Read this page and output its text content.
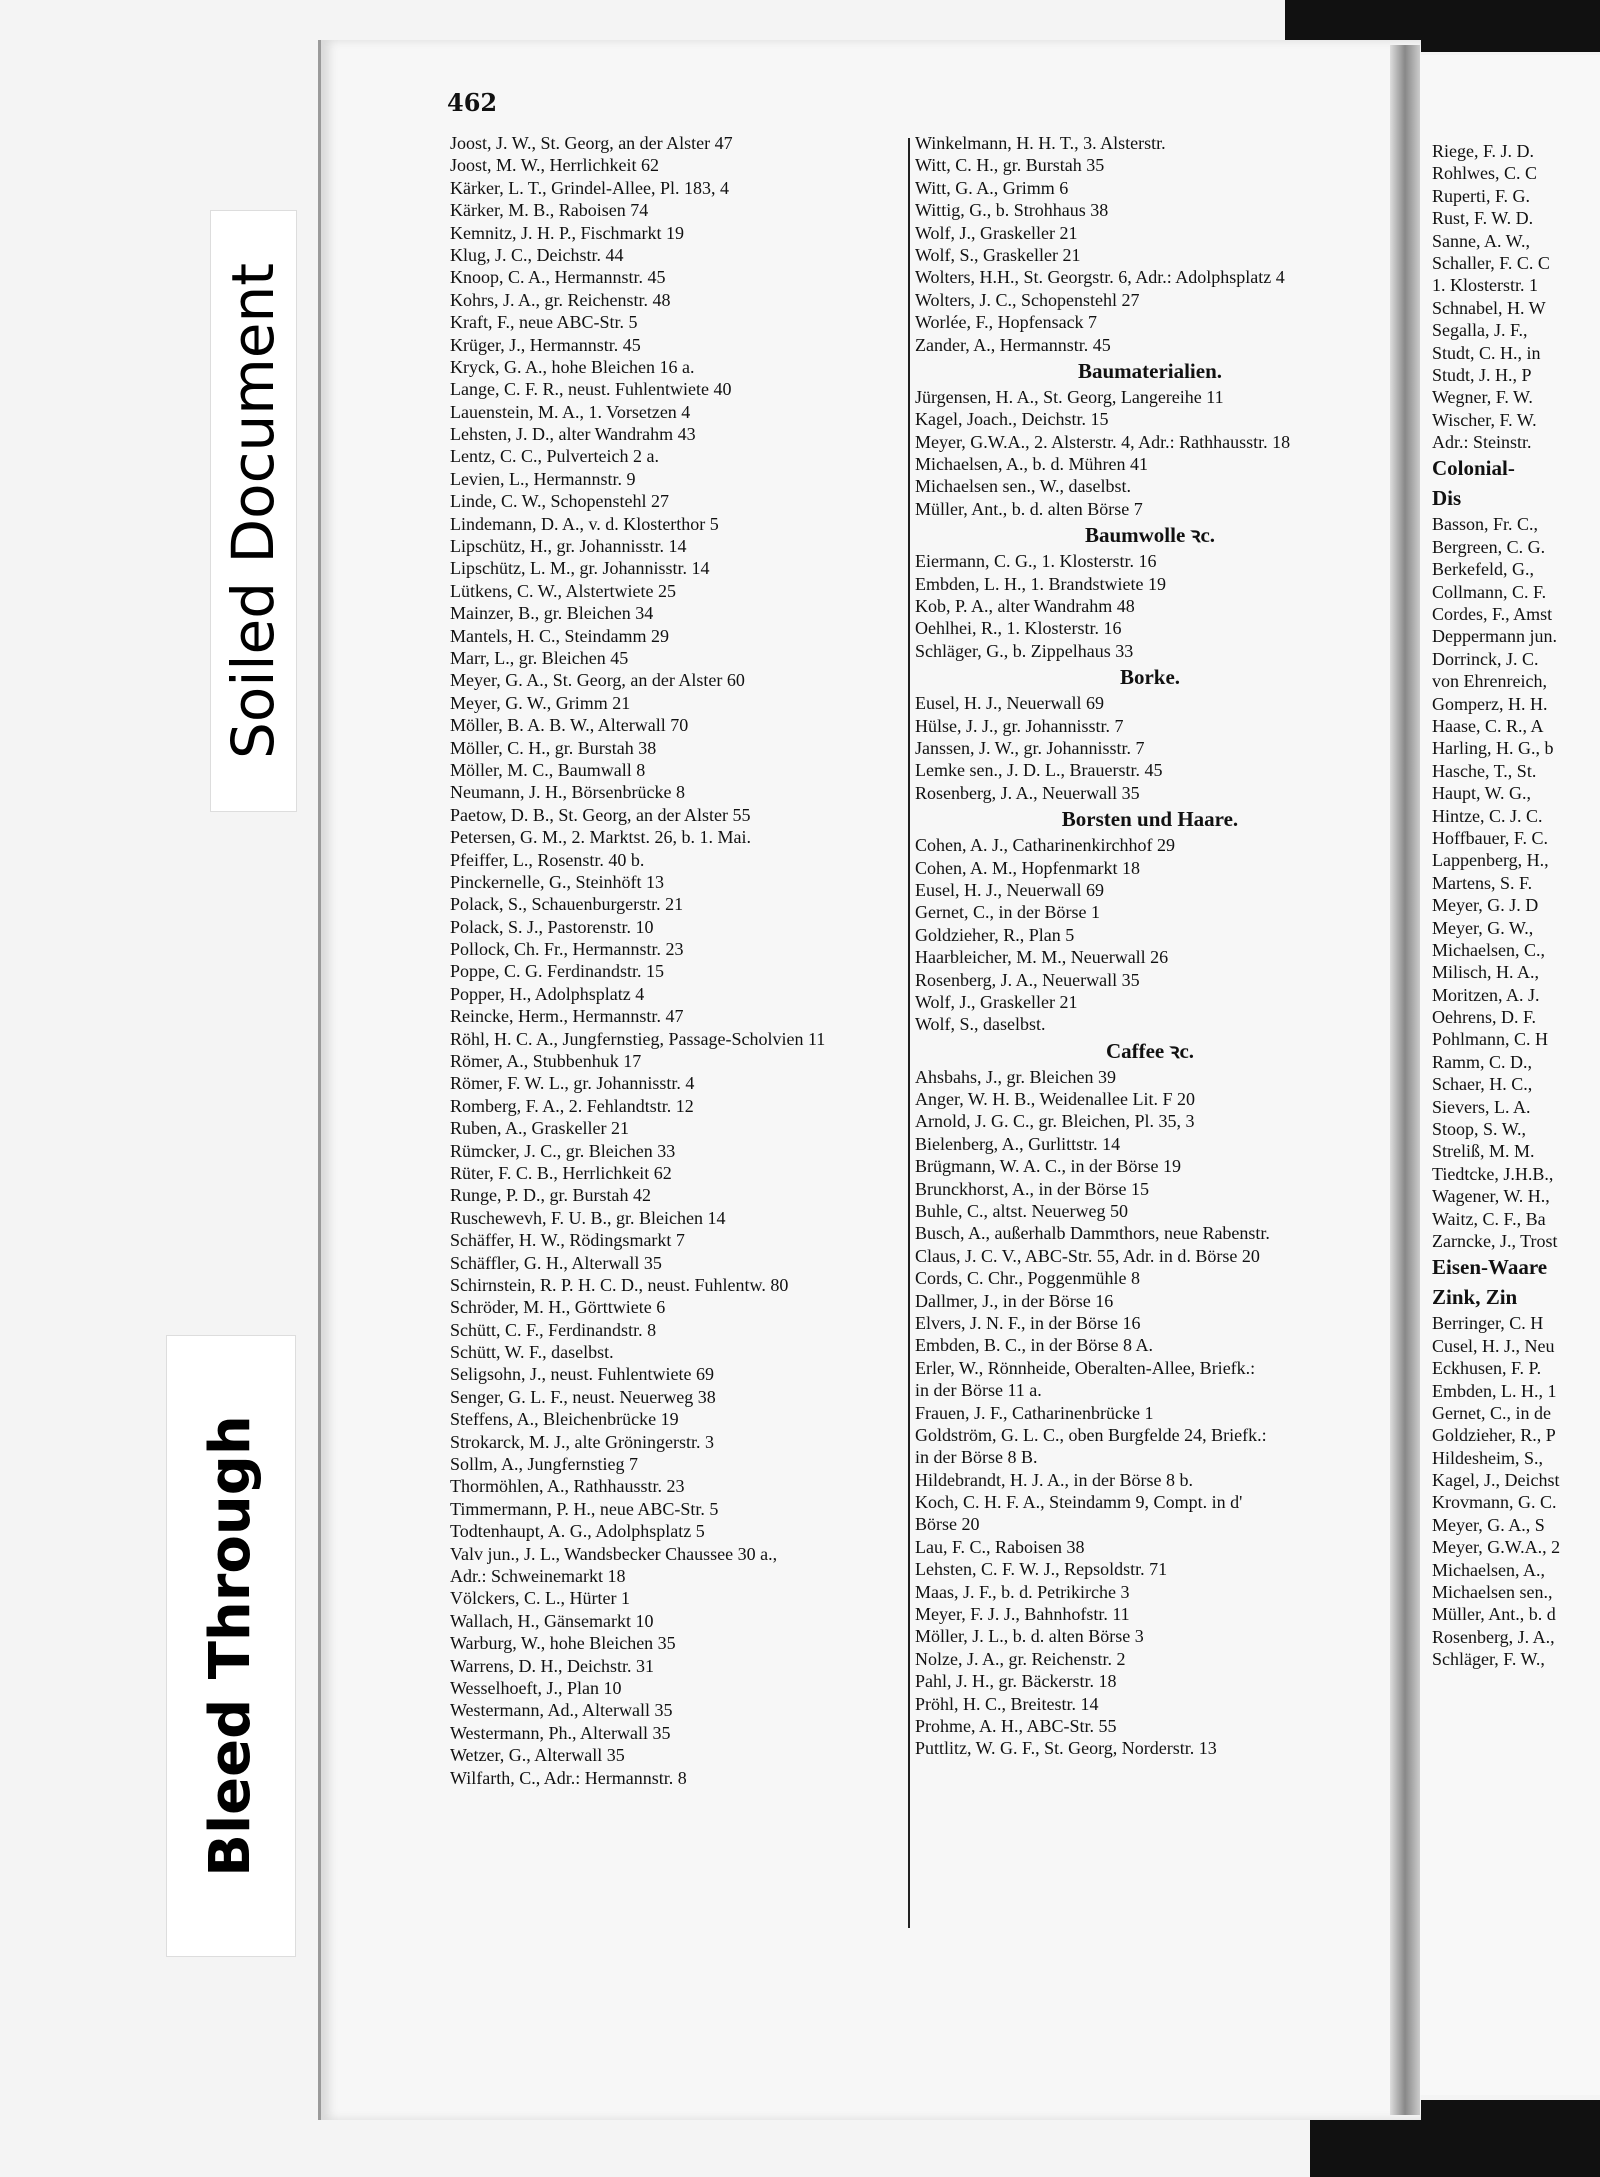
462
Joost, J. W., St. Georg, an der Alster 47
Joost, M. W., Herrlichkeit 62
Kärker, L. T., Grindel-Allee, Pl. 183, 4
Kärker, M. B., Raboisen 74
Kemnitz, J. H. P., Fischmarkt 19
Klug, J. C., Deichstr. 44
Knoop, C. A., Hermannstr. 45
Kohrs, J. A., gr. Reichenstr. 48
Kraft, F., neue ABC-Str. 5
Krüger, J., Hermannstr. 45
Kryck, G. A., hohe Bleichen 16 a.
Lange, C. F. R., neust. Fuhlentwiete 40
Lauenstein, M. A., 1. Vorsetzen 4
Lehsten, J. D., alter Wandrahm 43
Lentz, C. C., Pulverteich 2 a.
Levien, L., Hermannstr. 9
Linde, C. W., Schopenstehl 27
Lindemann, D. A., v. d. Klosterthor 5
Lipschütz, H., gr. Johannisstr. 14
Lipschütz, L. M., gr. Johannisstr. 14
Lütkens, C. W., Alstertwiete 25
Mainzer, B., gr. Bleichen 34
Mantels, H. C., Steindamm 29
Marr, L., gr. Bleichen 45
Meyer, G. A., St. Georg, an der Alster 60
Meyer, G. W., Grimm 21
Möller, B. A. B. W., Alterwall 70
Möller, C. H., gr. Burstah 38
Möller, M. C., Baumwall 8
Neumann, J. H., Börsenbrücke 8
Paetow, D. B., St. Georg, an der Alster 55
Petersen, G. M., 2. Marktst. 26, b. 1. Mai.
Pfeiffer, L., Rosenstr. 40 b.
Pinckernelle, G., Steinhöft 13
Polack, S., Schauenburgerstr. 21
Polack, S. J., Pastorenstr. 10
Pollock, Ch. Fr., Hermannstr. 23
Poppe, C. G. Ferdinandstr. 15
Popper, H., Adolphsplatz 4
Reincke, Herm., Hermannstr. 47
Röhl, H. C. A., Jungfernstieg, Passage-Scholvien 11
Römer, A., Stubbenhuk 17
Römer, F. W. L., gr. Johannisstr. 4
Romberg, F. A., 2. Fehlandtstr. 12
Ruben, A., Graskeller 21
Rümcker, J. C., gr. Bleichen 33
Rüter, F. C. B., Herrlichkeit 62
Runge, P. D., gr. Burstah 42
Ruschewevh, F. U. B., gr. Bleichen 14
Schäffer, H. W., Rödingsmarkt 7
Schäffler, G. H., Alterwall 35
Schirnstein, R. P. H. C. D., neust. Fuhlentw. 80
Schröder, M. H., Görttwiete 6
Schütt, C. F., Ferdinandstr. 8
Schütt, W. F., daselbst.
Seligsohn, J., neust. Fuhlentwiete 69
Senger, G. L. F., neust. Neuerweg 38
Steffens, A., Bleichenbrücke 19
Strokarck, M. J., alte Gröningerstr. 3
Sollm, A., Jungfernstieg 7
Thormöhlen, A., Rathhausstr. 23
Timmermann, P. H., neue ABC-Str. 5
Todtenhaupt, A. G., Adolphsplatz 5
Valv jun., J. L., Wandsbecker Chaussee 30 a.,
Adr.: Schweinemarkt 18
Völckers, C. L., Hürter 1
Wallach, H., Gänsemarkt 10
Warburg, W., hohe Bleichen 35
Warrens, D. H., Deichstr. 31
Wesselhoeft, J., Plan 10
Westermann, Ad., Alterwall 35
Westermann, Ph., Alterwall 35
Wetzer, G., Alterwall 35
Wilfarth, C., Adr.: Hermannstr. 8
Winkelmann, H. H. T., 3. Alsterstr.
Witt, C. H., gr. Burstah 35
Witt, G. A., Grimm 6
Wittig, G., b. Strohhaus 38
Wolf, J., Graskeller 21
Wolf, S., Graskeller 21
Wolters, H.H., St. Georgstr. 6, Adr.: Adolphsplatz 4
Wolters, J. C., Schopenstehl 27
Worlée, F., Hopfensack 7
Zander, A., Hermannstr. 45
Baumaterialien.
Jürgensen, H. A., St. Georg, Langereihe 11
Kagel, Joach., Deichstr. 15
Meyer, G.W.A., 2. Alsterstr. 4, Adr.: Rathhausstr. 18
Michaelsen, A., b. d. Mühren 41
Michaelsen sen., W., daselbst.
Müller, Ant., b. d. alten Börse 7
Baumwolle ꝛc.
Eiermann, C. G., 1. Klosterstr. 16
Embden, L. H., 1. Brandstwiete 19
Kob, P. A., alter Wandrahm 48
Oehlhei, R., 1. Klosterstr. 16
Schläger, G., b. Zippelhaus 33
Borke.
Eusel, H. J., Neuerwall 69
Hülse, J. J., gr. Johannisstr. 7
Janssen, J. W., gr. Johannisstr. 7
Lemke sen., J. D. L., Brauerstr. 45
Rosenberg, J. A., Neuerwall 35
Borsten und Haare.
Cohen, A. J., Catharinenkirchhof 29
Cohen, A. M., Hopfenmarkt 18
Eusel, H. J., Neuerwall 69
Gernet, C., in der Börse 1
Goldzieher, R., Plan 5
Haarbleicher, M. M., Neuerwall 26
Rosenberg, J. A., Neuerwall 35
Wolf, J., Graskeller 21
Wolf, S., daselbst.
Caffee ꝛc.
Ahsbahs, J., gr. Bleichen 39
Anger, W. H. B., Weidenallee Lit. F 20
Arnold, J. G. C., gr. Bleichen, Pl. 35, 3
Bielenberg, A., Gurlittstr. 14
Brügmann, W. A. C., in der Börse 19
Brunckhorst, A., in der Börse 15
Buhle, C., altst. Neuerweg 50
Busch, A., außerhalb Dammthors, neue Rabenstr.
Claus, J. C. V., ABC-Str. 55, Adr. in d. Börse 20
Cords, C. Chr., Poggenmühle 8
Dallmer, J., in der Börse 16
Elvers, J. N. F., in der Börse 16
Embden, B. C., in der Börse 8 A.
Erler, W., Rönnheide, Oberalten-Allee, Briefk.:
in der Börse 11 a.
Frauen, J. F., Catharinenbrücke 1
Goldström, G. L. C., oben Burgfelde 24, Briefk.:
in der Börse 8 B.
Hildebrandt, H. J. A., in der Börse 8 b.
Koch, C. H. F. A., Steindamm 9, Compt. in d'
Börse 20
Lau, F. C., Raboisen 38
Lehsten, C. F. W. J., Repsoldstr. 71
Maas, J. F., b. d. Petrikirche 3
Meyer, F. J. J., Bahnhofstr. 11
Möller, J. L., b. d. alten Börse 3
Nolze, J. A., gr. Reichenstr. 2
Pahl, J. H., gr. Bäckerstr. 18
Pröhl, H. C., Breitestr. 14
Prohme, A. H., ABC-Str. 55
Puttlitz, W. G. F., St. Georg, Norderstr. 13
Riege, F. J. D.
Rohlwes, C. C
Ruperti, F. G.
Rust, F. W. D.
Sanne, A. W.,
Schaller, F. C. C
1. Klosterstr. 1
Schnabel, H. W
Segalla, J. F.,
Studt, C. H., in
Studt, J. H., P
Wegner, F. W.
Wischer, F. W.
Adr.: Steinstr.
Colonial-
Dis
Basson, Fr. C.,
Bergreen, C. G.
Berkefeld, G.,
Collmann, C. F.
Cordes, F., Amst
Deppermann jun.
Dorrinck, J. C.
von Ehrenreich,
Gomperz, H. H.
Haase, C. R., A
Harling, H. G., b
Hasche, T., St.
Haupt, W. G.,
Hintze, C. J. C.
Hoffbauer, F. C.
Lappenberg, H.,
Martens, S. F.
Meyer, G. J. D
Meyer, G. W.,
Michaelsen, C.,
Milisch, H. A.,
Moritzen, A. J.
Oehrens, D. F.
Pohlmann, C. H
Ramm, C. D.,
Schaer, H. C.,
Sievers, L. A.
Stoop, S. W.,
Streliß, M. M.
Tiedtcke, J.H.B.,
Wagener, W. H.,
Waitz, C. F., Ba
Zarncke, J., Trost
Eisen-Waare
Zink, Zin
Berringer, C. H
Cusel, H. J., Neu
Eckhusen, F. P.
Embden, L. H., 1
Gernet, C., in de
Goldzieher, R., P
Hildesheim, S.,
Kagel, J., Deichst
Krovmann, G. C.
Meyer, G. A., S
Meyer, G.W.A., 2
Michaelsen, A.,
Michaelsen sen.,
Müller, Ant., b. d
Rosenberg, J. A.,
Schläger, F. W.,
Soiled Document
Bleed Through
